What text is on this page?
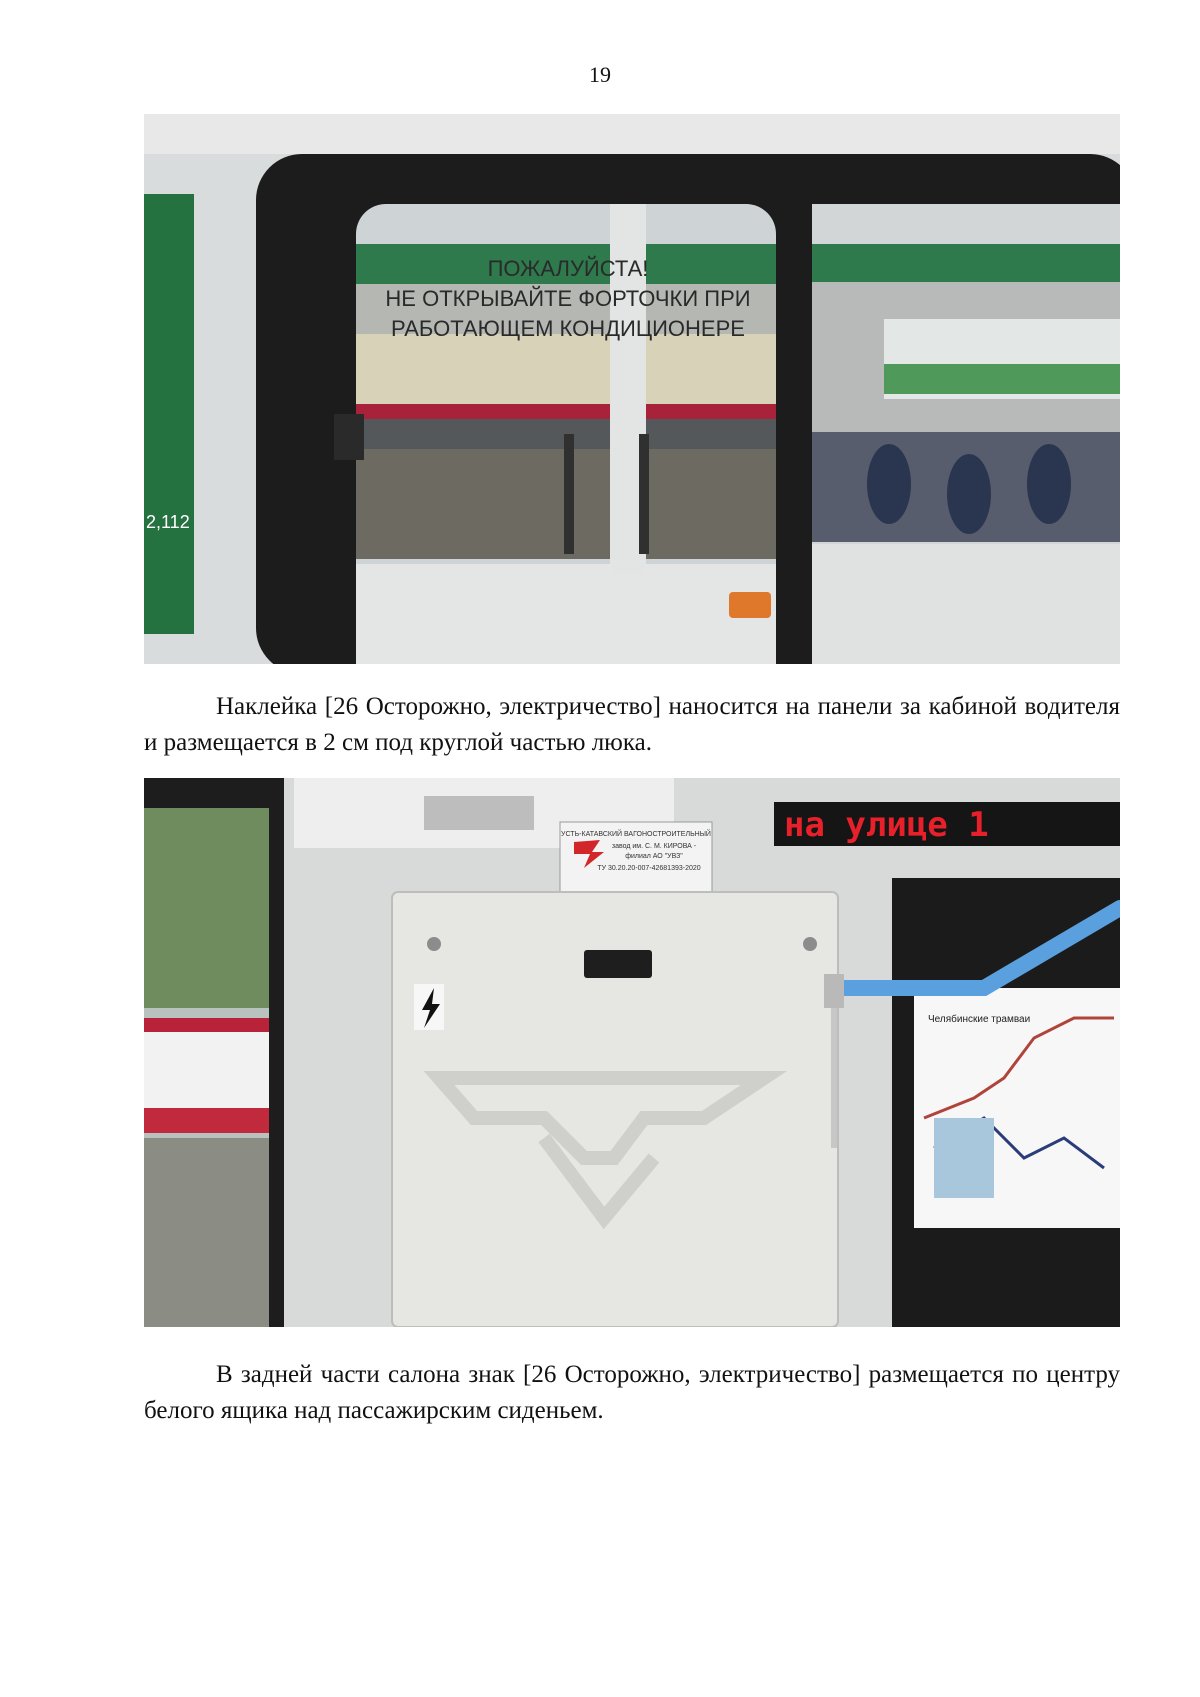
19
2,112
ПОЖАЛУЙСТА!
НЕ ОТКРЫВАЙТЕ ФОРТОЧКИ ПРИ
РАБОТАЮЩЕМ КОНДИЦИОНЕРЕ

Наклейка [26 Осторожно, электричество] наносится на панели за кабиной водителя и размещается в 2 см под круглой частью люка.

на улице 1
УСТЬ-КАТАВСКИЙ ВАГОНОСТРОИТЕЛЬНЫЙ
завод им. С. М. КИРОВА -
филиал АО "УВЗ"
ТУ 30.20.20-007-42681393-2020
Челябинские трамваи

В задней части салона знак [26 Осторожно, электричество] размещается по центру белого ящика над пассажирским сиденьем.
